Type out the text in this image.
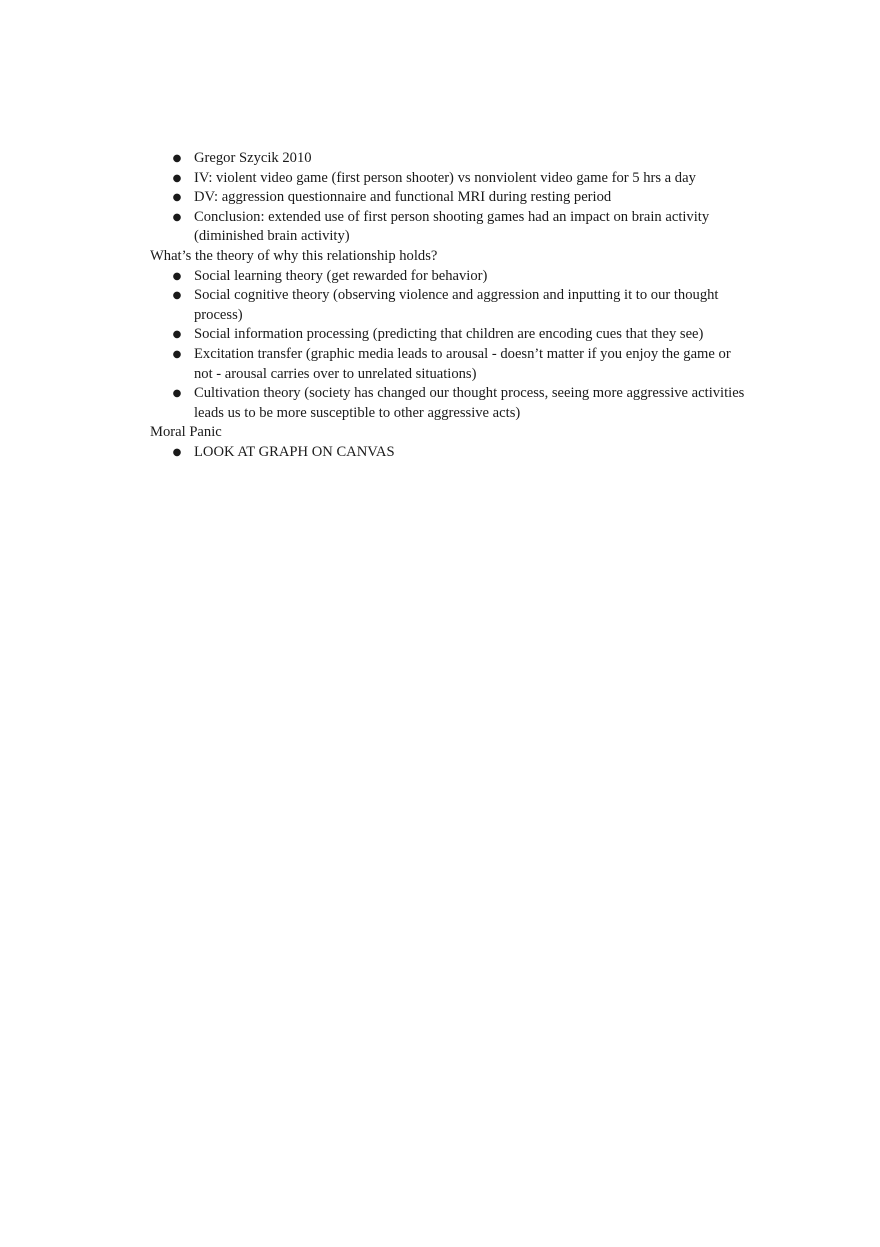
● Gregor Szycik 2010
● IV: violent video game (first person shooter) vs nonviolent video game for 5 hrs a day
● DV: aggression questionnaire and functional MRI during resting period
● Conclusion: extended use of first person shooting games had an impact on brain activity (diminished brain activity)

What’s the theory of why this relationship holds?

● Social learning theory (get rewarded for behavior)
● Social cognitive theory (observing violence and aggression and inputting it to our thought process)
● Social information processing (predicting that children are encoding cues that they see)
● Excitation transfer (graphic media leads to arousal - doesn’t matter if you enjoy the game or not - arousal carries over to unrelated situations)
● Cultivation theory (society has changed our thought process, seeing more aggressive activities leads us to be more susceptible to other aggressive acts)

Moral Panic

● LOOK AT GRAPH ON CANVAS
